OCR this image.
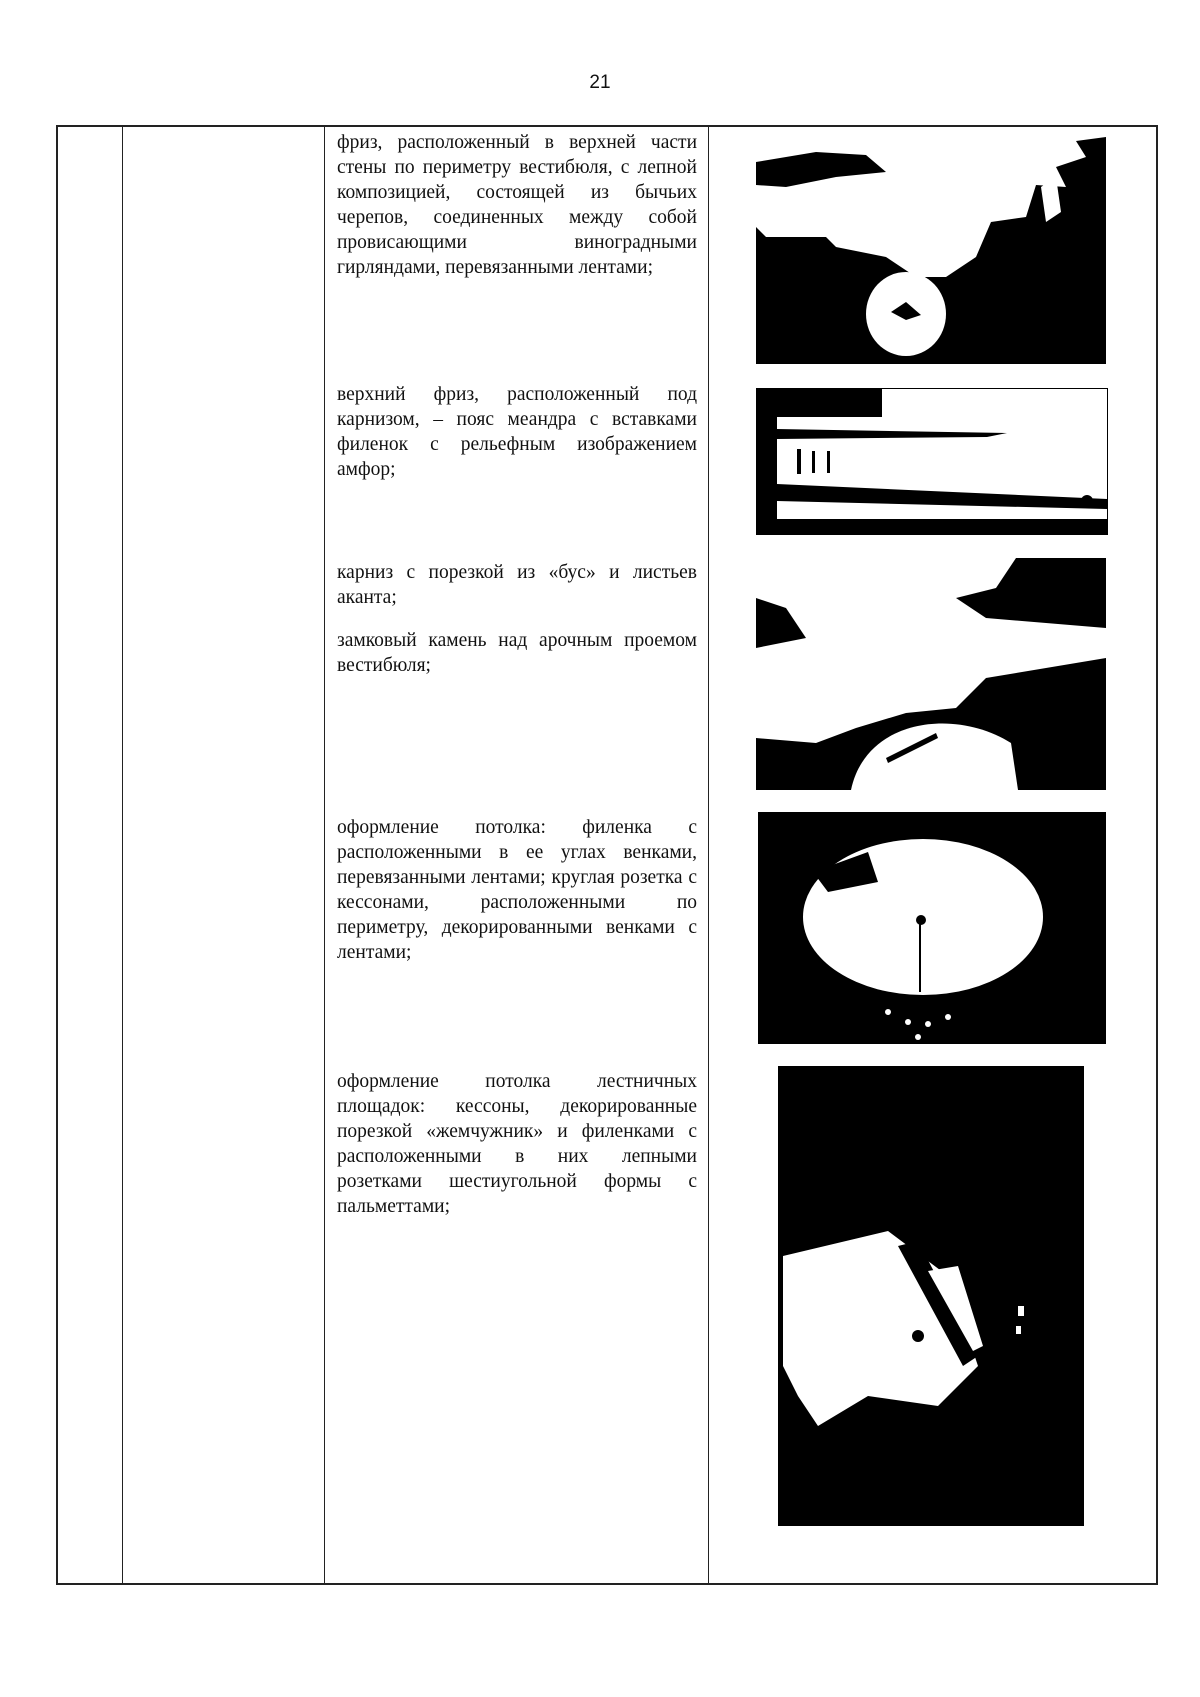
21

фриз, расположенный в верхней части стены по периметру вестибюля, с лепной композицией, состоящей из бычьих черепов, соединенных между собой провисающими виноградными гирляндами, перевязанными лентами;

верхний фриз, расположенный под карнизом, – пояс меандра с вставками филенок с рельефным изображением амфор;

карниз с порезкой из «бус» и листьев аканта;

замковый камень над арочным проемом вестибюля;

оформление потолка: филенка с расположенными в ее углах венками, перевязанными лентами; круглая розетка с кессонами, расположенными по периметру, декорированными венками с лентами;

оформление потолка лестничных площадок: кессоны, декорированные порезкой «жемчужник» и филенками с расположенными в них лепными розетками шестиугольной формы с пальметтами;
